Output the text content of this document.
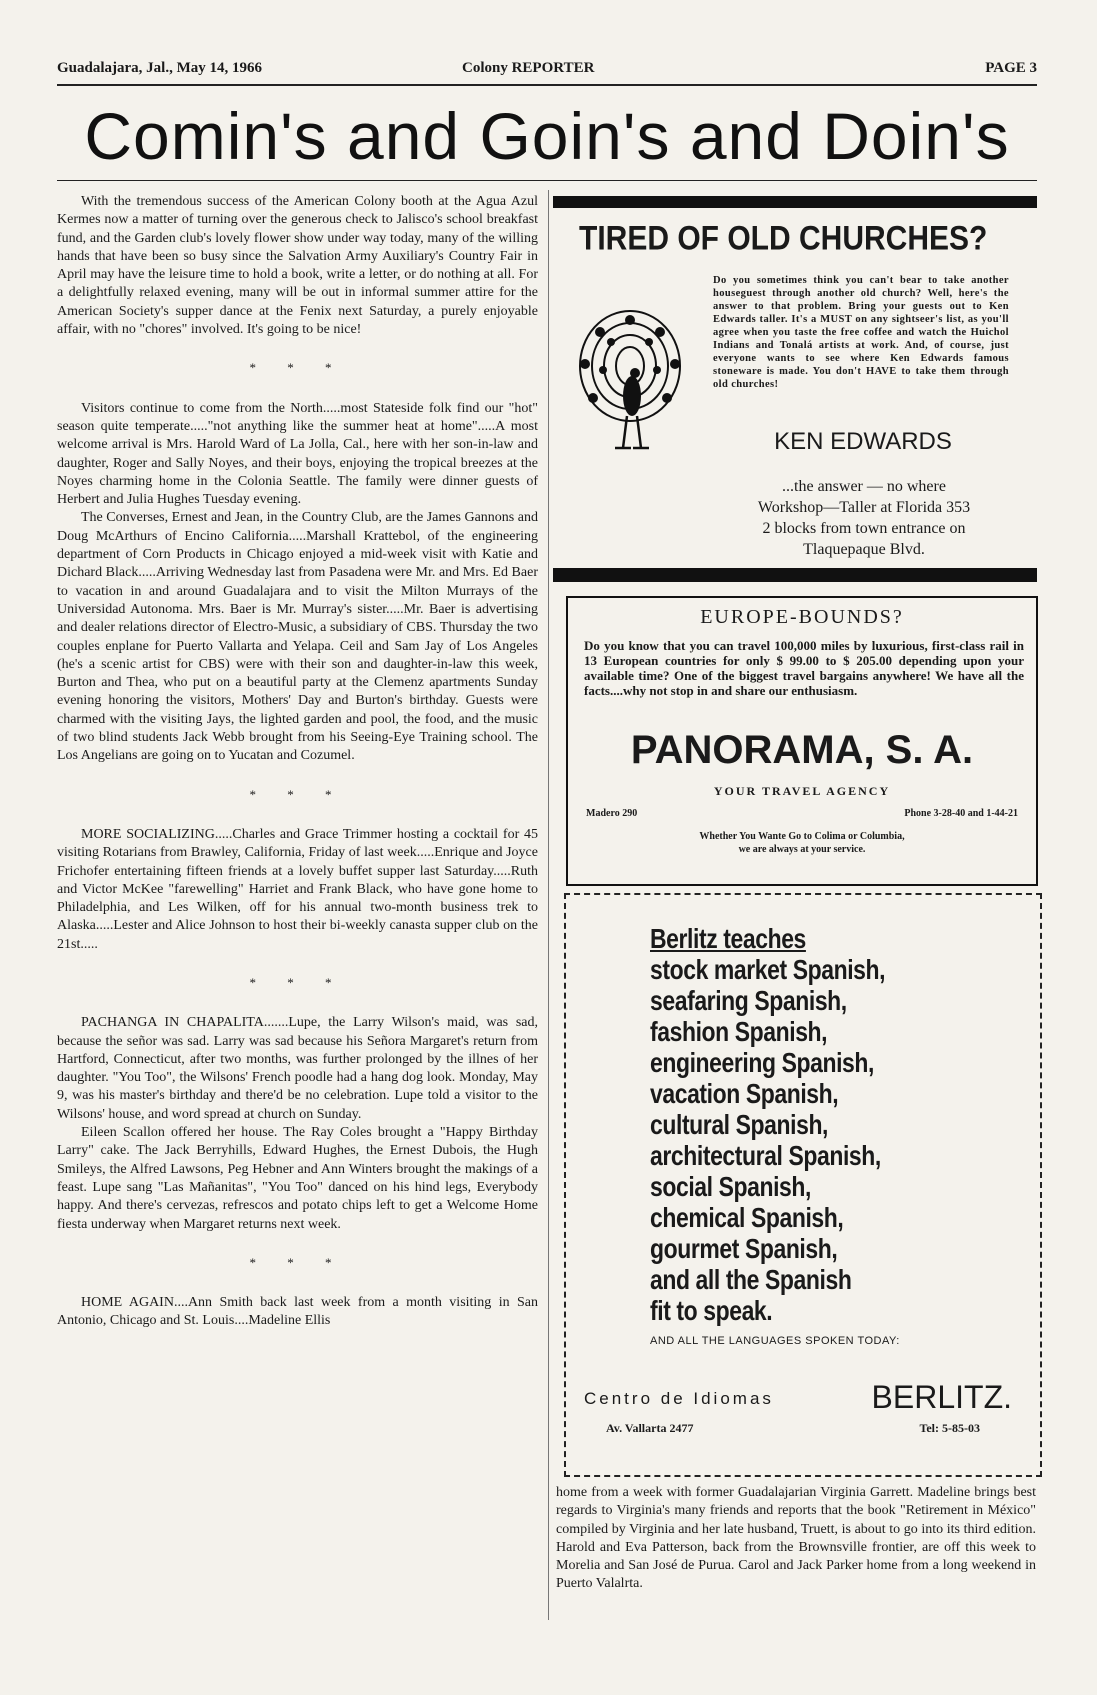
Guadalajara, Jal., May 14, 1966	Colony REPORTER	PAGE 3
Comin's and Goin's and Doin's

With the tremendous success of the American Colony booth at the Agua Azul Kermes now a matter of turning over the generous check to Jalisco's school breakfast fund, and the Garden club's lovely flower show under way today, many of the willing hands that have been so busy since the Salvation Army Auxiliary's Country Fair in April may have the leisure time to hold a book, write a letter, or do nothing at all. For a delightfully relaxed evening, many will be out in informal summer attire for the American Society's supper dance at the Fenix next Saturday, a purely enjoyable affair, with no "chores" involved. It's going to be nice!

* * *

Visitors continue to come from the North.....most Stateside folk find our "hot" season quite temperate....."not anything like the summer heat at home".....A most welcome arrival is Mrs. Harold Ward of La Jolla, Cal., here with her son-in-law and daughter, Roger and Sally Noyes, and their boys, enjoying the tropical breezes at the Noyes charming home in the Colonia Seattle. The family were dinner guests of Herbert and Julia Hughes Tuesday evening.

The Converses, Ernest and Jean, in the Country Club, are the James Gannons and Doug McArthurs of Encino California.....Marshall Krattebol, of the engineering department of Corn Products in Chicago enjoyed a mid-week visit with Katie and Dichard Black.....Arriving Wednesday last from Pasadena were Mr. and Mrs. Ed Baer to vacation in and around Guadalajara and to visit the Milton Murrays of the Universidad Autonoma. Mrs. Baer is Mr. Murray's sister.....Mr. Baer is advertising and dealer relations director of Electro-Music, a subsidiary of CBS. Thursday the two couples enplane for Puerto Vallarta and Yelapa. Ceil and Sam Jay of Los Angeles (he's a scenic artist for CBS) were with their son and daughter-in-law this week, Burton and Thea, who put on a beautiful party at the Clemenz apartments Sunday evening honoring the visitors, Mothers' Day and Burton's birthday. Guests were charmed with the visiting Jays, the lighted garden and pool, the food, and the music of two blind students Jack Webb brought from his Seeing-Eye Training school. The Los Angelians are going on to Yucatan and Cozumel.

* * *

MORE SOCIALIZING.....Charles and Grace Trimmer hosting a cocktail for 45 visiting Rotarians from Brawley, California, Friday of last week.....Enrique and Joyce Frichofer entertaining fifteen friends at a lovely buffet supper last Saturday.....Ruth and Victor McKee "farewelling" Harriet and Frank Black, who have gone home to Philadelphia, and Les Wilken, off for his annual two-month business trek to Alaska.....Lester and Alice Johnson to host their bi-weekly canasta supper club on the 21st.....

* * *

PACHANGA IN CHAPALITA.......Lupe, the Larry Wilson's maid, was sad, because the señor was sad. Larry was sad because his Señora Margaret's return from Hartford, Connecticut, after two months, was further prolonged by the illnes of her daughter. "You Too", the Wilsons' French poodle had a hang dog look. Monday, May 9, was his master's birthday and there'd be no celebration. Lupe told a visitor to the Wilsons' house, and word spread at church on Sunday.

Eileen Scallon offered her house. The Ray Coles brought a "Happy Birthday Larry" cake. The Jack Berryhills, Edward Hughes, the Ernest Dubois, the Hugh Smileys, the Alfred Lawsons, Peg Hebner and Ann Winters brought the makings of a feast. Lupe sang "Las Mañanitas", "You Too" danced on his hind legs, Everybody happy. And there's cervezas, refrescos and potato chips left to get a Welcome Home fiesta underway when Margaret returns next week.

* * *

HOME AGAIN....Ann Smith back last week from a month visiting in San Antonio, Chicago and St. Louis....Madeline Ellis

TIRED OF OLD CHURCHES?
Do you sometimes think you can't bear to take another houseguest through another old church? Well, here's the answer to that problem. Bring your guests out to Ken Edwards taller. It's a MUST on any sightseer's list, as you'll agree when you taste the free coffee and watch the Huichol Indians and Tonalá artists at work. And, of course, just everyone wants to see where Ken Edwards famous stoneware is made. You don't HAVE to take them through old churches!
KEN EDWARDS
...the answer — no where
Workshop—Taller at Florida 353
2 blocks from town entrance on
Tlaquepaque Blvd.
EUROPE-BOUNDS?
Do you know that you can travel 100,000 miles by luxurious, first-class rail in 13 European countries for only $ 99.00 to $ 205.00 depending upon your available time? One of the biggest travel bargains anywhere! We have all the facts....why not stop in and share our enthusiasm.
PANORAMA, S. A.
YOUR TRAVEL AGENCY
Madero 290	Phone 3-28-40 and 1-44-21
Whether You Wante Go to Colima or Columbia,
we are always at your service.
Berlitz teaches
stock market Spanish,
seafaring Spanish,
fashion Spanish,
engineering Spanish,
vacation Spanish,
cultural Spanish,
architectural Spanish,
social Spanish,
chemical Spanish,
gourmet Spanish,
and all the Spanish
fit to speak.
AND ALL THE LANGUAGES SPOKEN TODAY:
Centro de Idiomas	BERLITZ.
Av. Vallarta 2477	Tel: 5-85-03
home from a week with former Guadalajarian Virginia Garrett. Madeline brings best regards to Virginia's many friends and reports that the book "Retirement in México" compiled by Virginia and her late husband, Truett, is about to go into its third edition. Harold and Eva Patterson, back from the Brownsville frontier, are off this week to Morelia and San José de Purua. Carol and Jack Parker home from a long weekend in Puerto Valalrta.
